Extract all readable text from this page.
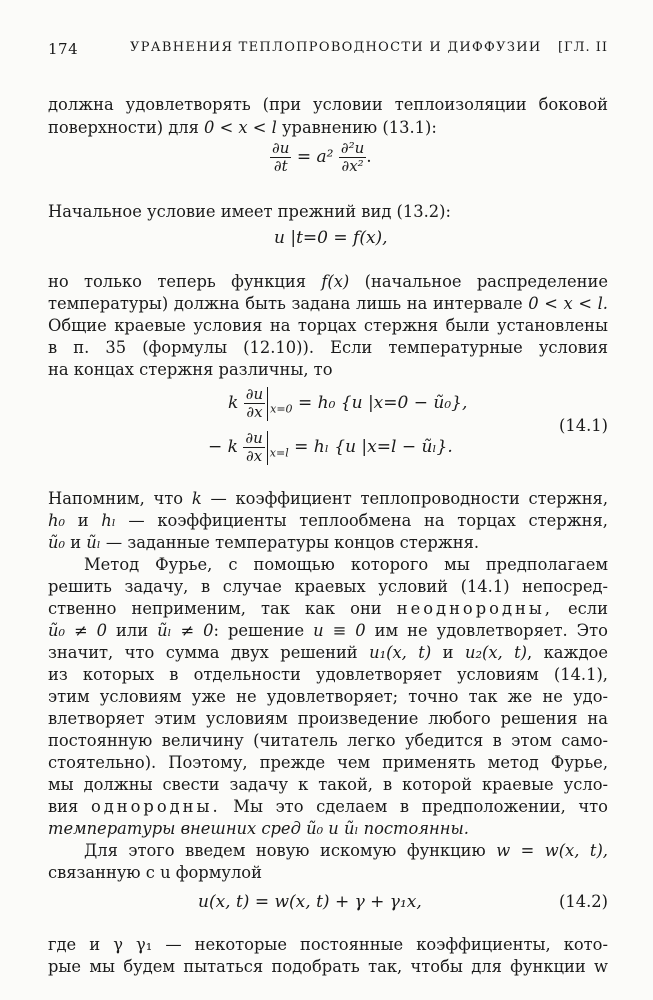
174	УРАВНЕНИЯ ТЕПЛОПРОВОДНОСТИ И ДИФФУЗИИ [ГЛ. II
должна удовлетворять (при условии теплоизоляции боковой
поверхности) для 0 < x < l уравнению (13.1):
$\frac{\partial u}{\partial t} = a^2 \frac{\text{∂²u}}{\text{∂x²}}$ .
Начальное условие имеет прежний вид (13.2):
u |t=0 = f(x),
но только теперь функция f(x) (начальное распределение
температуры) должна быть задана лишь на интервале 0 < x < l.
Общие краевые условия на торцах стержня были установлены
в п. 35 (формулы (12.10)). Если температурные условия
на концах стержня различны, то
k $\frac{\partial u}{\partial x} _{x=0} = h_0$ {u |x=0 − ũ₀},
− k $\frac{\partial u}{\partial x} _{x=l} = h_l$ {u |x=l − ũₗ}.
(14.1)
Напомним, что k — коэффициент теплопроводности стержня,
h₀ и hₗ — коэффициенты теплообмена на торцах стержня,
ũ₀ и ũₗ — заданные температуры концов стержня.
Метод Фурье, с помощью которого мы предполагаем
решить задачу, в случае краевых условий (14.1) непосред-
ственно неприменим, так как они неоднородны, если
ũ₀ ≠ 0 или ũₗ ≠ 0: решение u ≡ 0 им не удовлетворяет. Это
значит, что сумма двух решений u₁(x, t) и u₂(x, t), каждое
из которых в отдельности удовлетворяет условиям (14.1),
этим условиям уже не удовлетворяет; точно так же не удо-
влетворяет этим условиям произведение любого решения на
постоянную величину (читатель легко убедится в этом само-
стоятельно). Поэтому, прежде чем применять метод Фурье,
мы должны свести задачу к такой, в которой краевые усло-
вия однородны. Мы это сделаем в предположении, что
температуры внешних сред ũ₀ и ũₗ постоянны.
Для этого введем новую искомую функцию w = w(x, t),
связанную с u формулой
u(x, t) = w(x, t) + γ + γ₁x,	(14.2)
где и γ γ₁ — некоторые постоянные коэффициенты, кото-
рые мы будем пытаться подобрать так, чтобы для функции w
